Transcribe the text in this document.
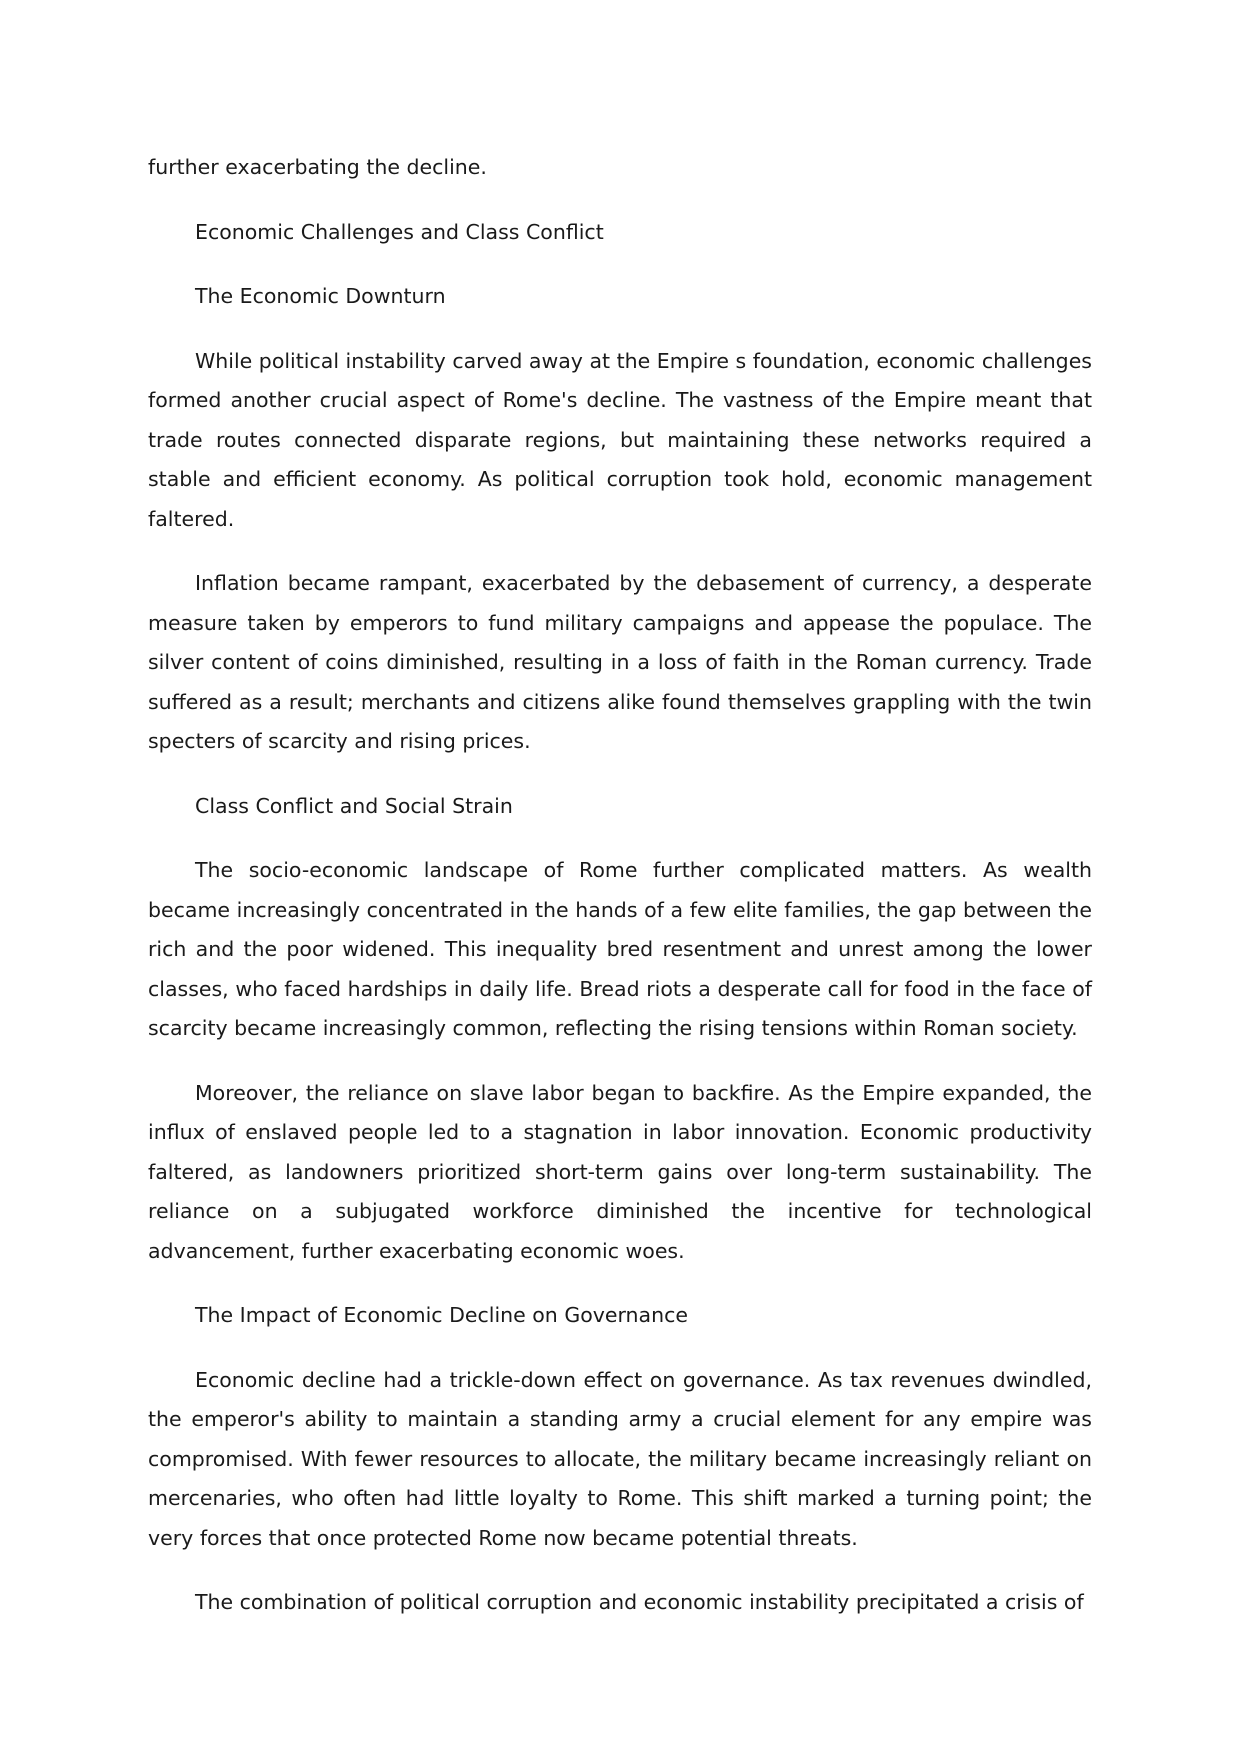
further exacerbating the decline.

Economic Challenges and Class Conflict

The Economic Downturn

While political instability carved away at the Empire s foundation, economic challenges formed another crucial aspect of Rome's decline. The vastness of the Empire meant that trade routes connected disparate regions, but maintaining these networks required a stable and efficient economy. As political corruption took hold, economic management faltered.

Inflation became rampant, exacerbated by the debasement of currency, a desperate measure taken by emperors to fund military campaigns and appease the populace. The silver content of coins diminished, resulting in a loss of faith in the Roman currency. Trade suffered as a result; merchants and citizens alike found themselves grappling with the twin specters of scarcity and rising prices.

Class Conflict and Social Strain

The socio-economic landscape of Rome further complicated matters. As wealth became increasingly concentrated in the hands of a few elite families, the gap between the rich and the poor widened. This inequality bred resentment and unrest among the lower classes, who faced hardships in daily life. Bread riots a desperate call for food in the face of scarcity became increasingly common, reflecting the rising tensions within Roman society.

Moreover, the reliance on slave labor began to backfire. As the Empire expanded, the influx of enslaved people led to a stagnation in labor innovation. Economic productivity faltered, as landowners prioritized short-term gains over long-term sustainability. The reliance on a subjugated workforce diminished the incentive for technological advancement, further exacerbating economic woes.

The Impact of Economic Decline on Governance

Economic decline had a trickle-down effect on governance. As tax revenues dwindled, the emperor's ability to maintain a standing army a crucial element for any empire was compromised. With fewer resources to allocate, the military became increasingly reliant on mercenaries, who often had little loyalty to Rome. This shift marked a turning point; the very forces that once protected Rome now became potential threats.

The combination of political corruption and economic instability precipitated a crisis of
